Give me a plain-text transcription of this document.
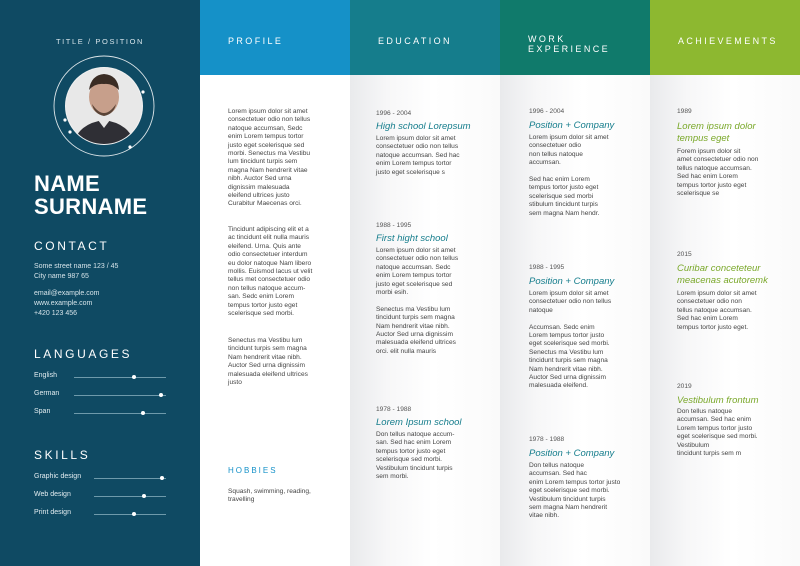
TITLE / POSITION
NAME
SURNAME
CONTACT
Some street name 123 / 45
City name 987 65
email@example.com
www.example.com
+420 123 456
LANGUAGES
English
German
Span
SKILLS
Graphic design
Web design
Print design
PROFILE
Lorem ipsum dolor sit amet
consectetuer odio non tellus
natoque accumsan, Sedc
enim Lorem tempus tortor
justo eget scelerisque sed
morbi. Senectus ma Vestibu
lum tincidunt turpis sem
magna Nam hendrerit vitae
nibh. Auctor Sed urna
dignissim malesuada
eleifend ultrices justo
Curabitur Maecenas orci.
Tincidunt adipiscing elit et a
ac tincidunt elit nulla mauris
eleifend. Urna. Quis ante
odio consectetuer interdum
eu dolor natoque Nam libero
mollis. Euismod lacus ut velit
tellus met consectetuer odio
non tellus natoque accum-
san. Sedc enim Lorem
tempus tortor justo eget
scelerisque sed morbi.
Senectus ma Vestibu lum
tincidunt turpis sem magna
Nam hendrerit vitae nibh.
Auctor Sed urna dignissim
malesuada eleifend ultrices
justo
HOBBIES
Squash, swimming, reading,
travelling
EDUCATION
1996 - 2004
High school Lorepsum
Lorem ipsum dolor sit amet
consectetuer odio non tellus
natoque accumsan. Sed hac
enim Lorem tempus tortor
justo eget scelerisque s
1988 - 1995
First hight school
Lorem ipsum dolor sit amet
consectetuer odio non tellus
natoque accumsan. Sedc
enim Lorem tempus tortor
justo eget scelerisque sed
morbi esih.

Senectus ma Vestibu lum
tincidunt turpis sem magna
Nam hendrerit vitae nibh.
Auctor Sed urna dignissim
malesuada eleifend ultrices
orci. elit nulla mauris
1978 - 1988
Lorem Ipsum school
Don tellus natoque accum-
san. Sed hac enim Lorem
tempus tortor justo eget
scelerisque sed morbi.
Vestibulum tincidunt turpis
sem morbi.
WORK
EXPERIENCE
1996 - 2004
Position + Company
Lorem ipsum dolor sit amet
consectetuer odio
non tellus natoque
accumsan.

Sed hac enim Lorem
tempus tortor justo eget
scelerisque sed morbi
stibulum tincidunt turpis
sem magna Nam hendr.
1988 - 1995
Position + Company
Lorem ipsum dolor sit amet
consectetuer odio non tellus
natoque

Accumsan. Sedc enim
Lorem tempus tortor justo
eget scelerisque sed morbi.
Senectus ma Vestibu lum
tincidunt turpis sem magna
Nam hendrerit vitae nibh.
Auctor Sed urna dignissim
malesuada eleifend.
1978 - 1988
Position + Company
Don tellus natoque
accumsan. Sed hac
enim Lorem tempus tortor justo
eget scelerisque sed morbi.
Vestibulum tincidunt turpis
sem magna Nam hendrerit
vitae nibh.
ACHIEVEMENTS
1989
Lorem ipsum dolor
tempus eget
Forem ipsum dolor sit
amet consectetuer odio non
tellus natoque accumsan.
Sed hac enim Lorem
tempus tortor justo eget
scelerisque se
2015
Curibar conceteteur
meacenas acutoremk
Lorem ipsum dolor sit amet
consectetuer odio non
tellus natoque accumsan.
Sed hac enim Lorem
tempus tortor justo eget.
2019
Vestibulum frontum
Don tellus natoque
accumsan. Sed hac enim
Lorem tempus tortor justo
eget scelerisque sed morbi.
Vestibulum
tincidunt turpis sem m
